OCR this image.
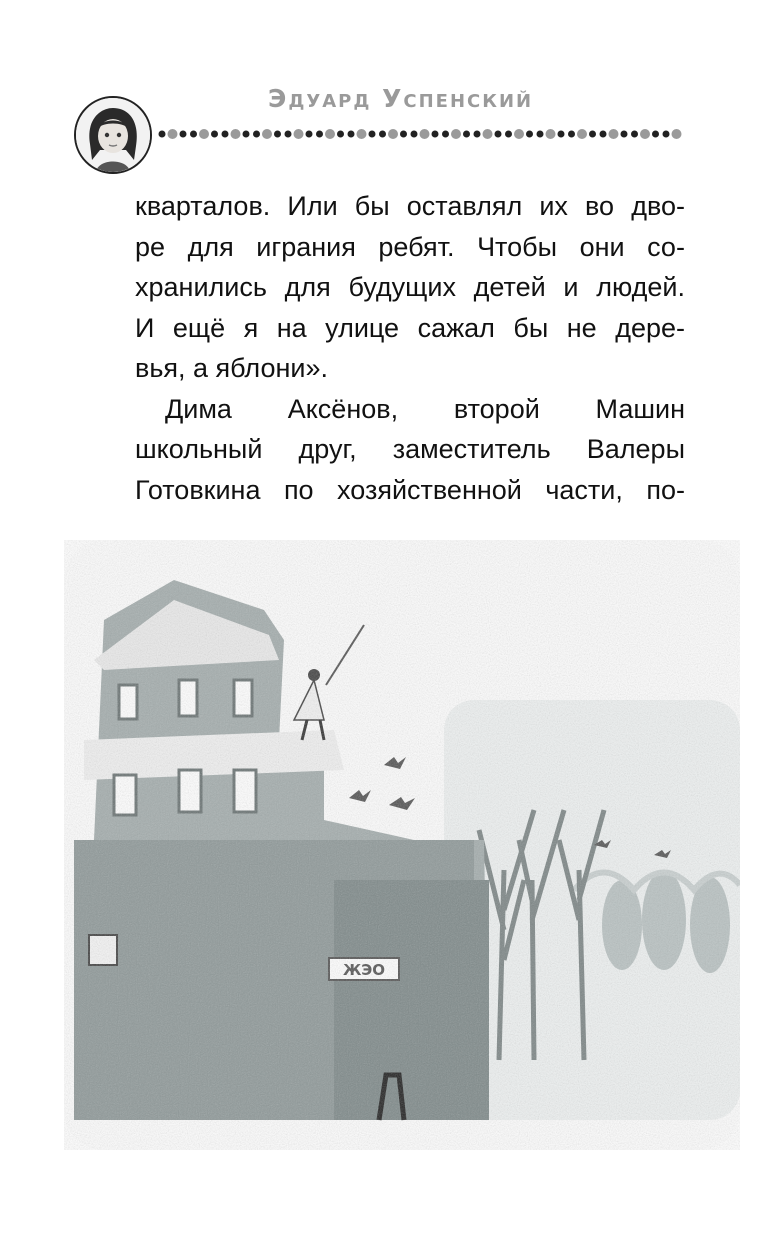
Эдуард Успенский
кварталов. Или бы оставлял их во дво-
ре для играния ребят. Чтобы они со-
хранились для будущих детей и людей.
И ещё я на улице сажал бы не дере-
вья, а яблони».
Дима Аксёнов, второй Машин
школьный друг, заместитель Валеры
Готовкина по хозяйственной части, по-
